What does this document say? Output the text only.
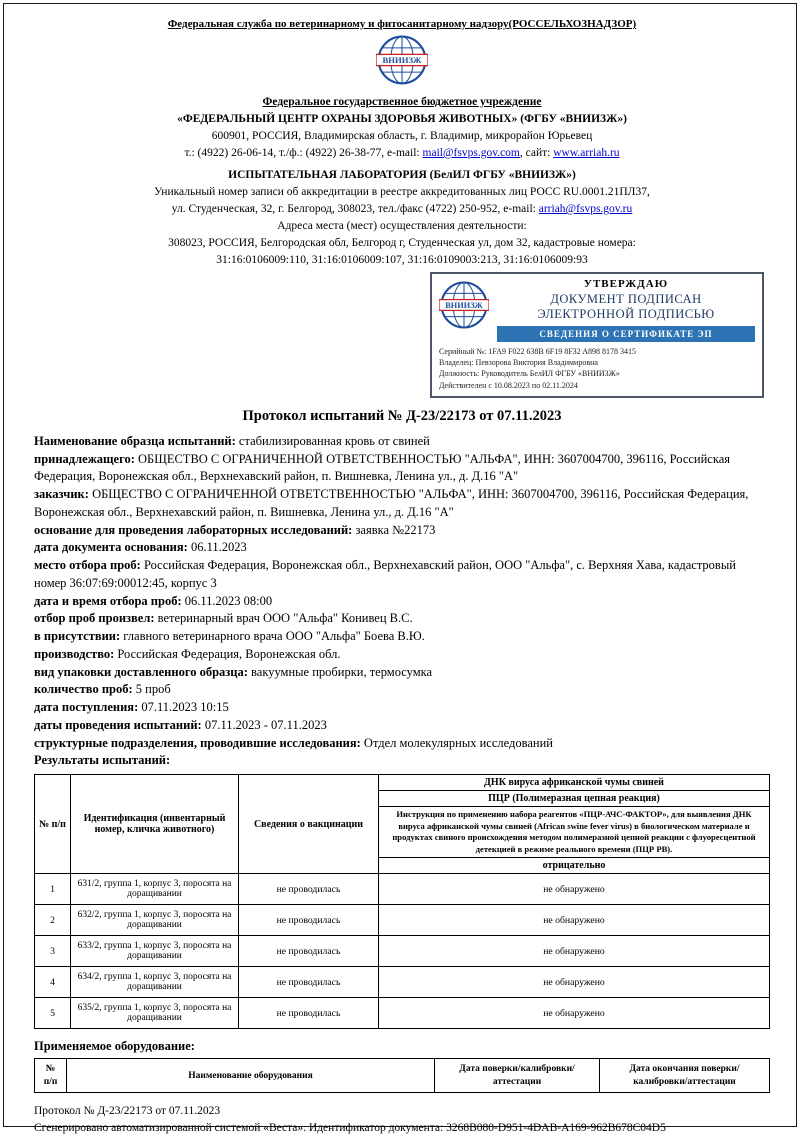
Федеральная служба по ветеринарному и фитосанитарному надзору(РОССЕЛЬХОЗНАДЗОР)
ВНИИЗЖ
Федеральное государственное бюджетное учреждение
«ФЕДЕРАЛЬНЫЙ ЦЕНТР ОХРАНЫ ЗДОРОВЬЯ ЖИВОТНЫХ» (ФГБУ «ВНИИЗЖ»)
600901, РОССИЯ, Владимирская область, г. Владимир, микрорайон Юрьевец
т.: (4922) 26-06-14, т./ф.: (4922) 26-38-77, e-mail: mail@fsvps.gov.com, сайт: www.arriah.ru
ИСПЫТАТЕЛЬНАЯ ЛАБОРАТОРИЯ (БелИЛ ФГБУ «ВНИИЗЖ»)
Уникальный номер записи об аккредитации в реестре аккредитованных лиц РОСС RU.0001.21ПЛ37,
ул. Студенческая, 32, г. Белгород, 308023, тел./факс (4722) 250-952, e-mail: arriah@fsvps.gov.ru
Адреса места (мест) осуществления деятельности:
308023, РОССИЯ, Белгородская обл, Белгород г, Студенческая ул, дом 32, кадастровые номера:
31:16:0106009:110, 31:16:0106009:107, 31:16:0109003:213, 31:16:0106009:93
ВНИИЗЖ
УТВЕРЖДАЮ
ДОКУМЕНТ ПОДПИСАН
ЭЛЕКТРОННОЙ ПОДПИСЬЮ
СВЕДЕНИЯ О СЕРТИФИКАТЕ ЭП
Серийный №: 1FA9 F022 638B 6F19 8F32 A898 8178 3415
Владелец: Певзорова Виктория Владимировна
Должность: Руководитель БелИЛ ФГБУ «ВНИИЗЖ»
Действителен с 10.08.2023 по 02.11.2024
Протокол испытаний № Д-23/22173 от 07.11.2023

Наименование образца испытаний: стабилизированная кровь от свиней

принадлежащего: ОБЩЕСТВО С ОГРАНИЧЕННОЙ ОТВЕТСТВЕННОСТЬЮ "АЛЬФА", ИНН: 3607004700, 396116, Российская Федерация, Воронежская обл., Верхнехавский район, п. Вишневка, Ленина ул., д. Д.16 "А"

заказчик: ОБЩЕСТВО С ОГРАНИЧЕННОЙ ОТВЕТСТВЕННОСТЬЮ "АЛЬФА", ИНН: 3607004700, 396116, Российская Федерация, Воронежская обл., Верхнехавский район, п. Вишневка, Ленина ул., д. Д.16 "А"

основание для проведения лабораторных исследований: заявка №22173

дата документа основания: 06.11.2023

место отбора проб: Российская Федерация, Воронежская обл., Верхнехавский район, ООО "Альфа", с. Верхняя Хава, кадастровый номер 36:07:69:00012:45, корпус 3

дата и время отбора проб: 06.11.2023 08:00

отбор проб произвел: ветеринарный врач ООО "Альфа" Конивец В.С.

в присутствии: главного ветеринарного врача ООО "Альфа" Боева В.Ю.

производство: Российская Федерация, Воронежская обл.

вид упаковки доставленного образца: вакуумные пробирки, термосумка

количество проб: 5 проб

дата поступления: 07.11.2023 10:15

даты проведения испытаний: 07.11.2023 - 07.11.2023

структурные подразделения, проводившие исследования: Отдел молекулярных исследований

Результаты испытаний:

№ п/п	Идентификация (инвентарный номер, кличка животного)	Сведения о вакцинации	ДНК вируса африканской чумы свиней
			ПЦР (Полимеразная цепная реакция)
			Инструкция по применению набора реагентов «ПЦР-АЧС-ФАКТОР», для выявления ДНК вируса африканской чумы свиней (African swine fever virus) в биологическом материале и продуктах свиного происхождения методом полимеразной цепной реакции с флуоресцентной детекцией в режиме реального времени (ПЦР РВ).
			отрицательно
1	631/2, группа 1, корпус 3, поросята на доращивании	не проводилась	не обнаружено
2	632/2, группа 1, корпус 3, поросята на доращивании	не проводилась	не обнаружено
3	633/2, группа 1, корпус 3, поросята на доращивании	не проводилась	не обнаружено
4	634/2, группа 1, корпус 3, поросята на доращивании	не проводилась	не обнаружено
5	635/2, группа 1, корпус 3, поросята на доращивании	не проводилась	не обнаружено
Применяемое оборудование:
№ п/п	Наименование оборудования	Дата поверки/калибровки/аттестации	Дата окончания поверки/калибровки/аттестации
Протокол № Д-23/22173 от 07.11.2023
Сгенерировано автоматизированной системой «Веста». Идентификатор документа: 3268B080-D951-4DAB-A169-962B678C04D5
